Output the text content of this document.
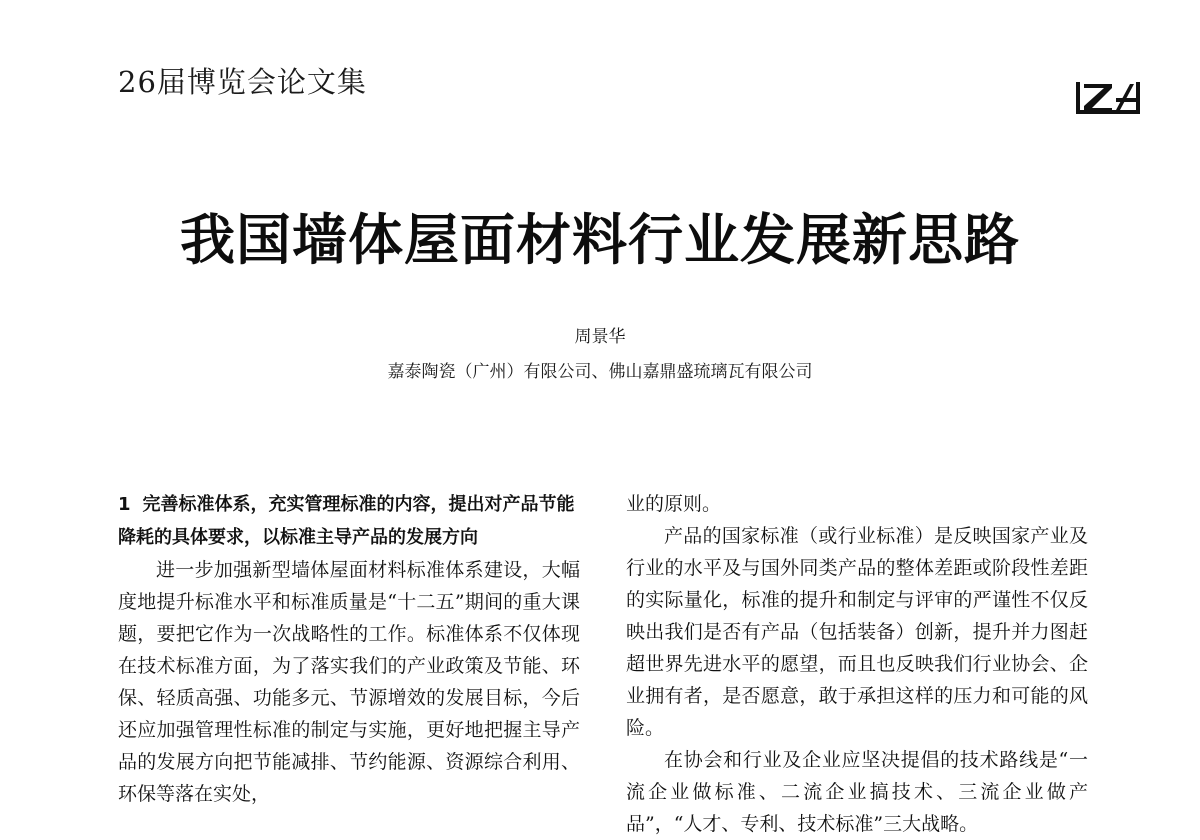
26届博览会论文集
我国墙体屋面材料行业发展新思路
周景华
嘉泰陶瓷（广州）有限公司、佛山嘉鼎盛琉璃瓦有限公司

1 完善标准体系，充实管理标准的内容，提出对产品节能降耗的具体要求，以标准主导产品的发展方向

进一步加强新型墙体屋面材料标准体系建设，大幅度地提升标准水平和标准质量是“十二五”期间的重大课题，要把它作为一次战略性的工作。标准体系不仅体现在技术标准方面，为了落实我们的产业政策及节能、环保、轻质高强、功能多元、节源增效的发展目标，今后还应加强管理性标准的制定与实施，更好地把握主导产品的发展方向把节能减排、节约能源、资源综合利用、环保等落在实处，

业的原则。

产品的国家标准（或行业标准）是反映国家产业及行业的水平及与国外同类产品的整体差距或阶段性差距的实际量化，标准的提升和制定与评审的严谨性不仅反映出我们是否有产品（包括装备）创新，提升并力图赶超世界先进水平的愿望，而且也反映我们行业协会、企业拥有者，是否愿意，敢于承担这样的压力和可能的风险。

在协会和行业及企业应坚决提倡的技术路线是“一流企业做标准、二流企业搞技术、三流企业做产品”，“人才、专利、技术标准”三大战略。
